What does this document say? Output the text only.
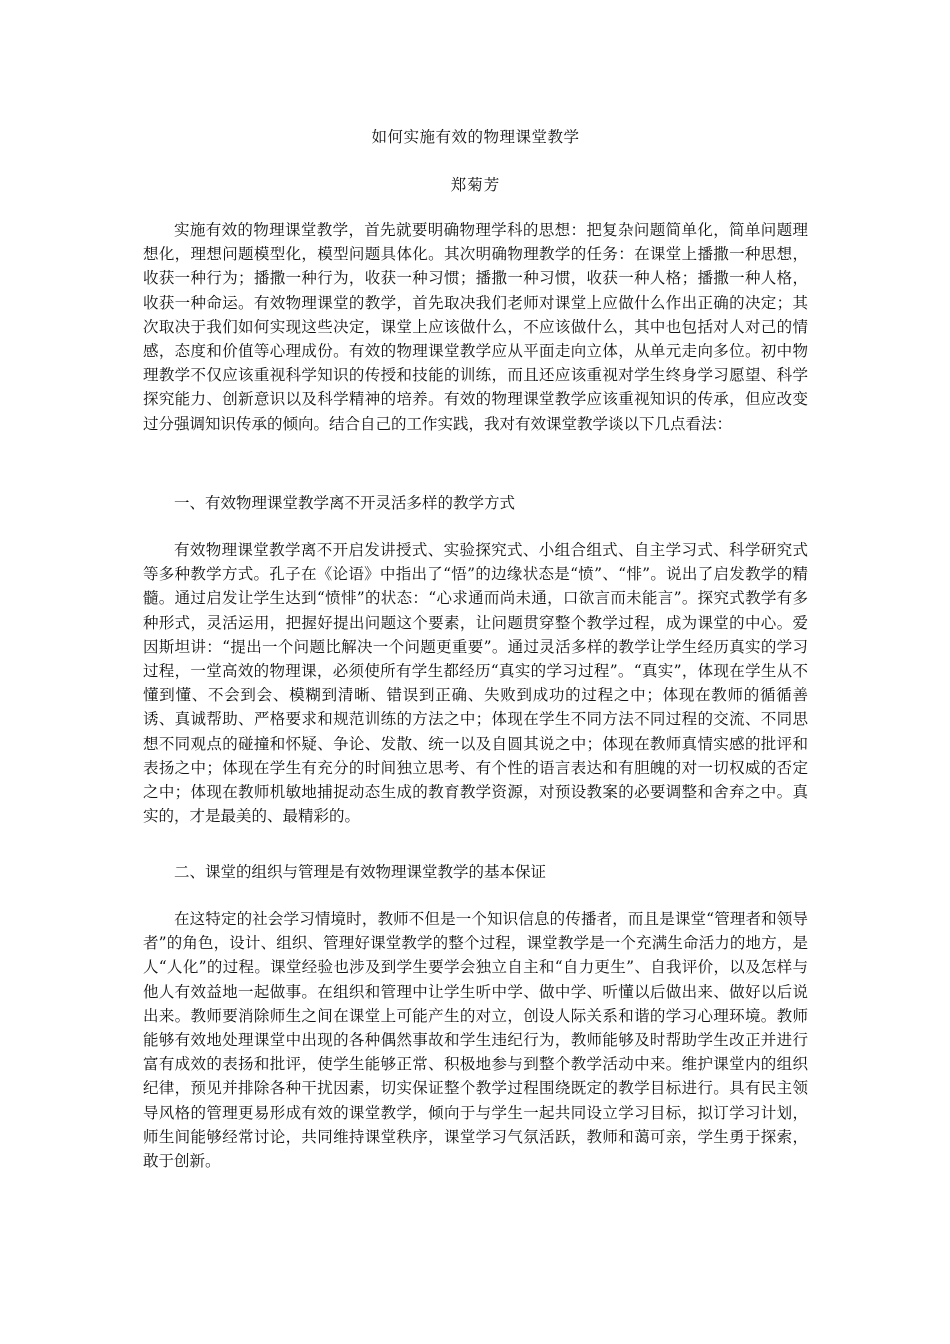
如何实施有效的物理课堂教学
郑菊芳

实施有效的物理课堂教学，首先就要明确物理学科的思想：把复杂问题简单化，简单问题理想化，理想问题模型化，模型问题具体化。其次明确物理教学的任务：在课堂上播撒一种思想，收获一种行为；播撒一种行为，收获一种习惯；播撒一种习惯，收获一种人格；播撒一种人格，收获一种命运。有效物理课堂的教学，首先取决我们老师对课堂上应做什么作出正确的决定；其次取决于我们如何实现这些决定，课堂上应该做什么，不应该做什么，其中也包括对人对己的情感，态度和价值等心理成份。有效的物理课堂教学应从平面走向立体，从单元走向多位。初中物理教学不仅应该重视科学知识的传授和技能的训练，而且还应该重视对学生终身学习愿望、科学探究能力、创新意识以及科学精神的培养。有效的物理课堂教学应该重视知识的传承，但应改变过分强调知识传承的倾向。结合自己的工作实践，我对有效课堂教学谈以下几点看法：

一、有效物理课堂教学离不开灵活多样的教学方式

有效物理课堂教学离不开启发讲授式、实验探究式、小组合组式、自主学习式、科学研究式等多种教学方式。孔子在《论语》中指出了“悟”的边缘状态是“愤”、“悱”。说出了启发教学的精髓。通过启发让学生达到“愤悱”的状态：“心求通而尚未通，口欲言而未能言”。探究式教学有多种形式，灵活运用，把握好提出问题这个要素，让问题贯穿整个教学过程，成为课堂的中心。爱因斯坦讲：“提出一个问题比解决一个问题更重要”。通过灵活多样的教学让学生经历真实的学习过程，一堂高效的物理课，必须使所有学生都经历“真实的学习过程”。“真实”，体现在学生从不懂到懂、不会到会、模糊到清晰、错误到正确、失败到成功的过程之中；体现在教师的循循善诱、真诚帮助、严格要求和规范训练的方法之中；体现在学生不同方法不同过程的交流、不同思想不同观点的碰撞和怀疑、争论、发散、统一以及自圆其说之中；体现在教师真情实感的批评和表扬之中；体现在学生有充分的时间独立思考、有个性的语言表达和有胆魄的对一切权威的否定之中；体现在教师机敏地捕捉动态生成的教育教学资源，对预设教案的必要调整和舍弃之中。真实的，才是最美的、最精彩的。

二、课堂的组织与管理是有效物理课堂教学的基本保证

在这特定的社会学习情境时，教师不但是一个知识信息的传播者，而且是课堂“管理者和领导者”的角色，设计、组织、管理好课堂教学的整个过程，课堂教学是一个充满生命活力的地方，是人“人化”的过程。课堂经验也涉及到学生要学会独立自主和“自力更生”、自我评价，以及怎样与他人有效益地一起做事。在组织和管理中让学生听中学、做中学、听懂以后做出来、做好以后说出来。教师要消除师生之间在课堂上可能产生的对立，创设人际关系和谐的学习心理环境。教师能够有效地处理课堂中出现的各种偶然事故和学生违纪行为，教师能够及时帮助学生改正并进行富有成效的表扬和批评，使学生能够正常、积极地参与到整个教学活动中来。维护课堂内的组织纪律，预见并排除各种干扰因素，切实保证整个教学过程围绕既定的教学目标进行。具有民主领导风格的管理更易形成有效的课堂教学，倾向于与学生一起共同设立学习目标，拟订学习计划，师生间能够经常讨论，共同维持课堂秩序，课堂学习气氛活跃，教师和蔼可亲，学生勇于探索，敢于创新。
